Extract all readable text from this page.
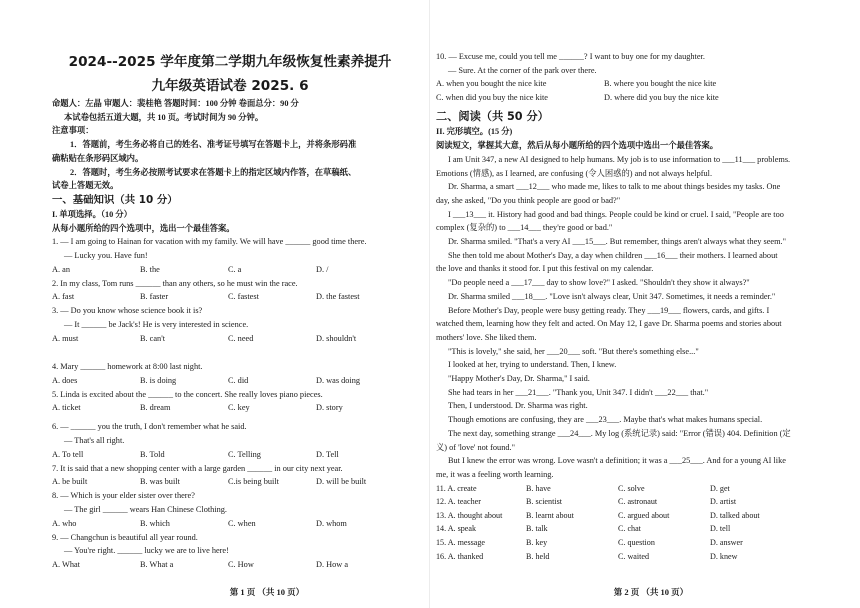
2024--2025 学年度第二学期九年级恢复性素养提升
九年级英语试卷 2025. 6
命题人：左晶 审题人：裴桂艳 答题时间：100 分钟 卷面总分：90 分
本试卷包括五道大题，共 10 页。考试时间为 90 分钟。
注意事项：
1．答题前，考生务必将自己的姓名、准考证号填写在答题卡上，并将条形码准
确粘贴在条形码区域内。
2．答题时，考生务必按照考试要求在答题卡上的指定区域内作答，在草稿纸、
试卷上答题无效。
一、基础知识（共 10 分）
I. 单项选择。（10 分）
从每小题所给的四个选项中，选出一个最佳答案。
1. — I am going to Hainan for vacation with my family. We will have ______ good time there.
— Lucky you. Have fun!
A. an	B. the	C. a	D. /
2. In my class, Tom runs ______ than any others, so he must win the race.
A. fast	B. faster	C. fastest	D. the fastest
3. — Do you know whose science book it is?
— It ______ be Jack's! He is very interested in science.
A. must	B. can't	C. need	D. shouldn't
4. Mary ______ homework at 8:00 last night.
A. does	B. is doing	C. did	D. was doing
5. Linda is excited about the ______ to the concert. She really loves piano pieces.
A. ticket	B. dream	C. key	D. story
6. — ______ you the truth, I don't remember what he said.
— That's all right.
A. To tell	B. Told	C. Telling	D. Tell
7. It is said that a new shopping center with a large garden ______ in our city next year.
A. be built	B. was built	C.is being built	D. will be built
8. — Which is your elder sister over there?
— The girl ______ wears Han Chinese Clothing.
A. who	B. which	C. when	D. whom
9. — Changchun is beautiful all year round.
— You're right. ______ lucky we are to live here!
A. What	B. What a	C. How	D. How a
第 1 页 （共 10 页）
10. — Excuse me, could you tell me ______? I want to buy one for my daughter.
— Sure. At the corner of the park over there.
A. when you bought the nice kite	B. where you bought the nice kite
C. when did you buy the nice kite	D. where did you buy the nice kite
二、阅读（共 50 分）
II. 完形填空。(15 分)
阅读短文，掌握其大意，然后从每小题所给的四个选项中选出一个最佳答案。
I am Unit 347, a new AI designed to help humans. My job is to use information to ___11___ problems.
Emotions (情感), as I learned, are confusing (令人困惑的) and not always helpful.
Dr. Sharma, a smart ___12___ who made me, likes to talk to me about things besides my tasks. One
day, she asked, "Do you think people are good or bad?"
I ___13___ it. History had good and bad things. People could be kind or cruel. I said, "People are too
complex (复杂的) to ___14___ they're good or bad."
Dr. Sharma smiled. "That's a very AI ___15___. But remember, things aren't always what they seem."
She then told me about Mother's Day, a day when children ___16___ their mothers. I learned about
the love and thanks it stood for. I put this festival on my calendar.
"Do people need a ___17___ day to show love?" I asked. "Shouldn't they show it always?"
Dr. Sharma smiled ___18___. "Love isn't always clear, Unit 347. Sometimes, it needs a reminder."
Before Mother's Day, people were busy getting ready. They ___19___ flowers, cards, and gifts. I
watched them, learning how they felt and acted. On May 12, I gave Dr. Sharma poems and stories about
mothers' love. She liked them.
"This is lovely," she said, her ___20___ soft. "But there's something else..."
I looked at her, trying to understand. Then, I knew.
"Happy Mother's Day, Dr. Sharma," I said.
She had tears in her ___21___. "Thank you, Unit 347. I didn't ___22___ that."
Then, I understood. Dr. Sharma was right.
Though emotions are confusing, they are ___23___. Maybe that's what makes humans special.
The next day, something strange ___24___. My log (系统记录) said: "Error (错误) 404. Definition (定
义) of 'love' not found."
But I knew the error was wrong. Love wasn't a definition; it was a ___25___. And for a young AI like
me, it was a feeling worth learning.
11. A. create	B. have	C. solve	D. get
12. A. teacher	B. scientist	C. astronaut	D. artist
13. A. thought about	B. learnt about	C. argued about	D. talked about
14. A. speak	B. talk	C. chat	D. tell
15. A. message	B. key	C. question	D. answer
16. A. thanked	B. held	C. waited	D. knew
第 2 页 （共 10 页）
